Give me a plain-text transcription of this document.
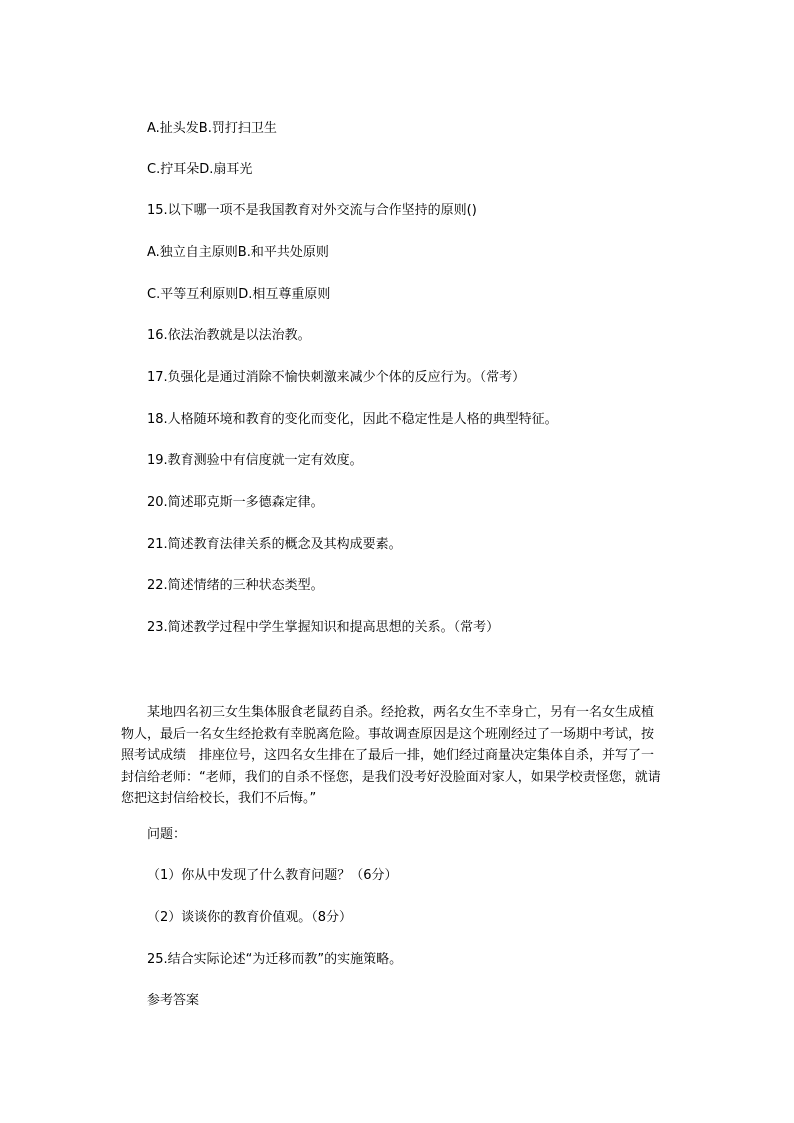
A.扯头发B.罚打扫卫生
C.拧耳朵D.扇耳光
15.以下哪一项不是我国教育对外交流与合作坚持的原则()
A.独立自主原则B.和平共处原则
C.平等互利原则D.相互尊重原则
16.依法治教就是以法治教。
17.负强化是通过消除不愉快刺激来减少个体的反应行为。（常考）
18.人格随环境和教育的变化而变化，因此不稳定性是人格的典型特征。
19.教育测验中有信度就一定有效度。
20.简述耶克斯一多德森定律。
21.简述教育法律关系的概念及其构成要素。
22.简述情绪的三种状态类型。
23.简述教学过程中学生掌握知识和提高思想的关系。（常考）
某地四名初三女生集体服食老鼠药自杀。经抢救，两名女生不幸身亡，另有一名女生成植物人，最后一名女生经抢救有幸脱离危险。事故调查原因是这个班刚经过了一场期中考试，按照考试成绩　排座位号，这四名女生排在了最后一排，她们经过商量决定集体自杀，并写了一封信给老师：“老师，我们的自杀不怪您，是我们没考好没脸面对家人，如果学校责怪您，就请您把这封信给校长，我们不后悔。”
问题：
（1）你从中发现了什么教育问题？（6分）
（2）谈谈你的教育价值观。（8分）
25.结合实际论述“为迁移而教”的实施策略。
参考答案
